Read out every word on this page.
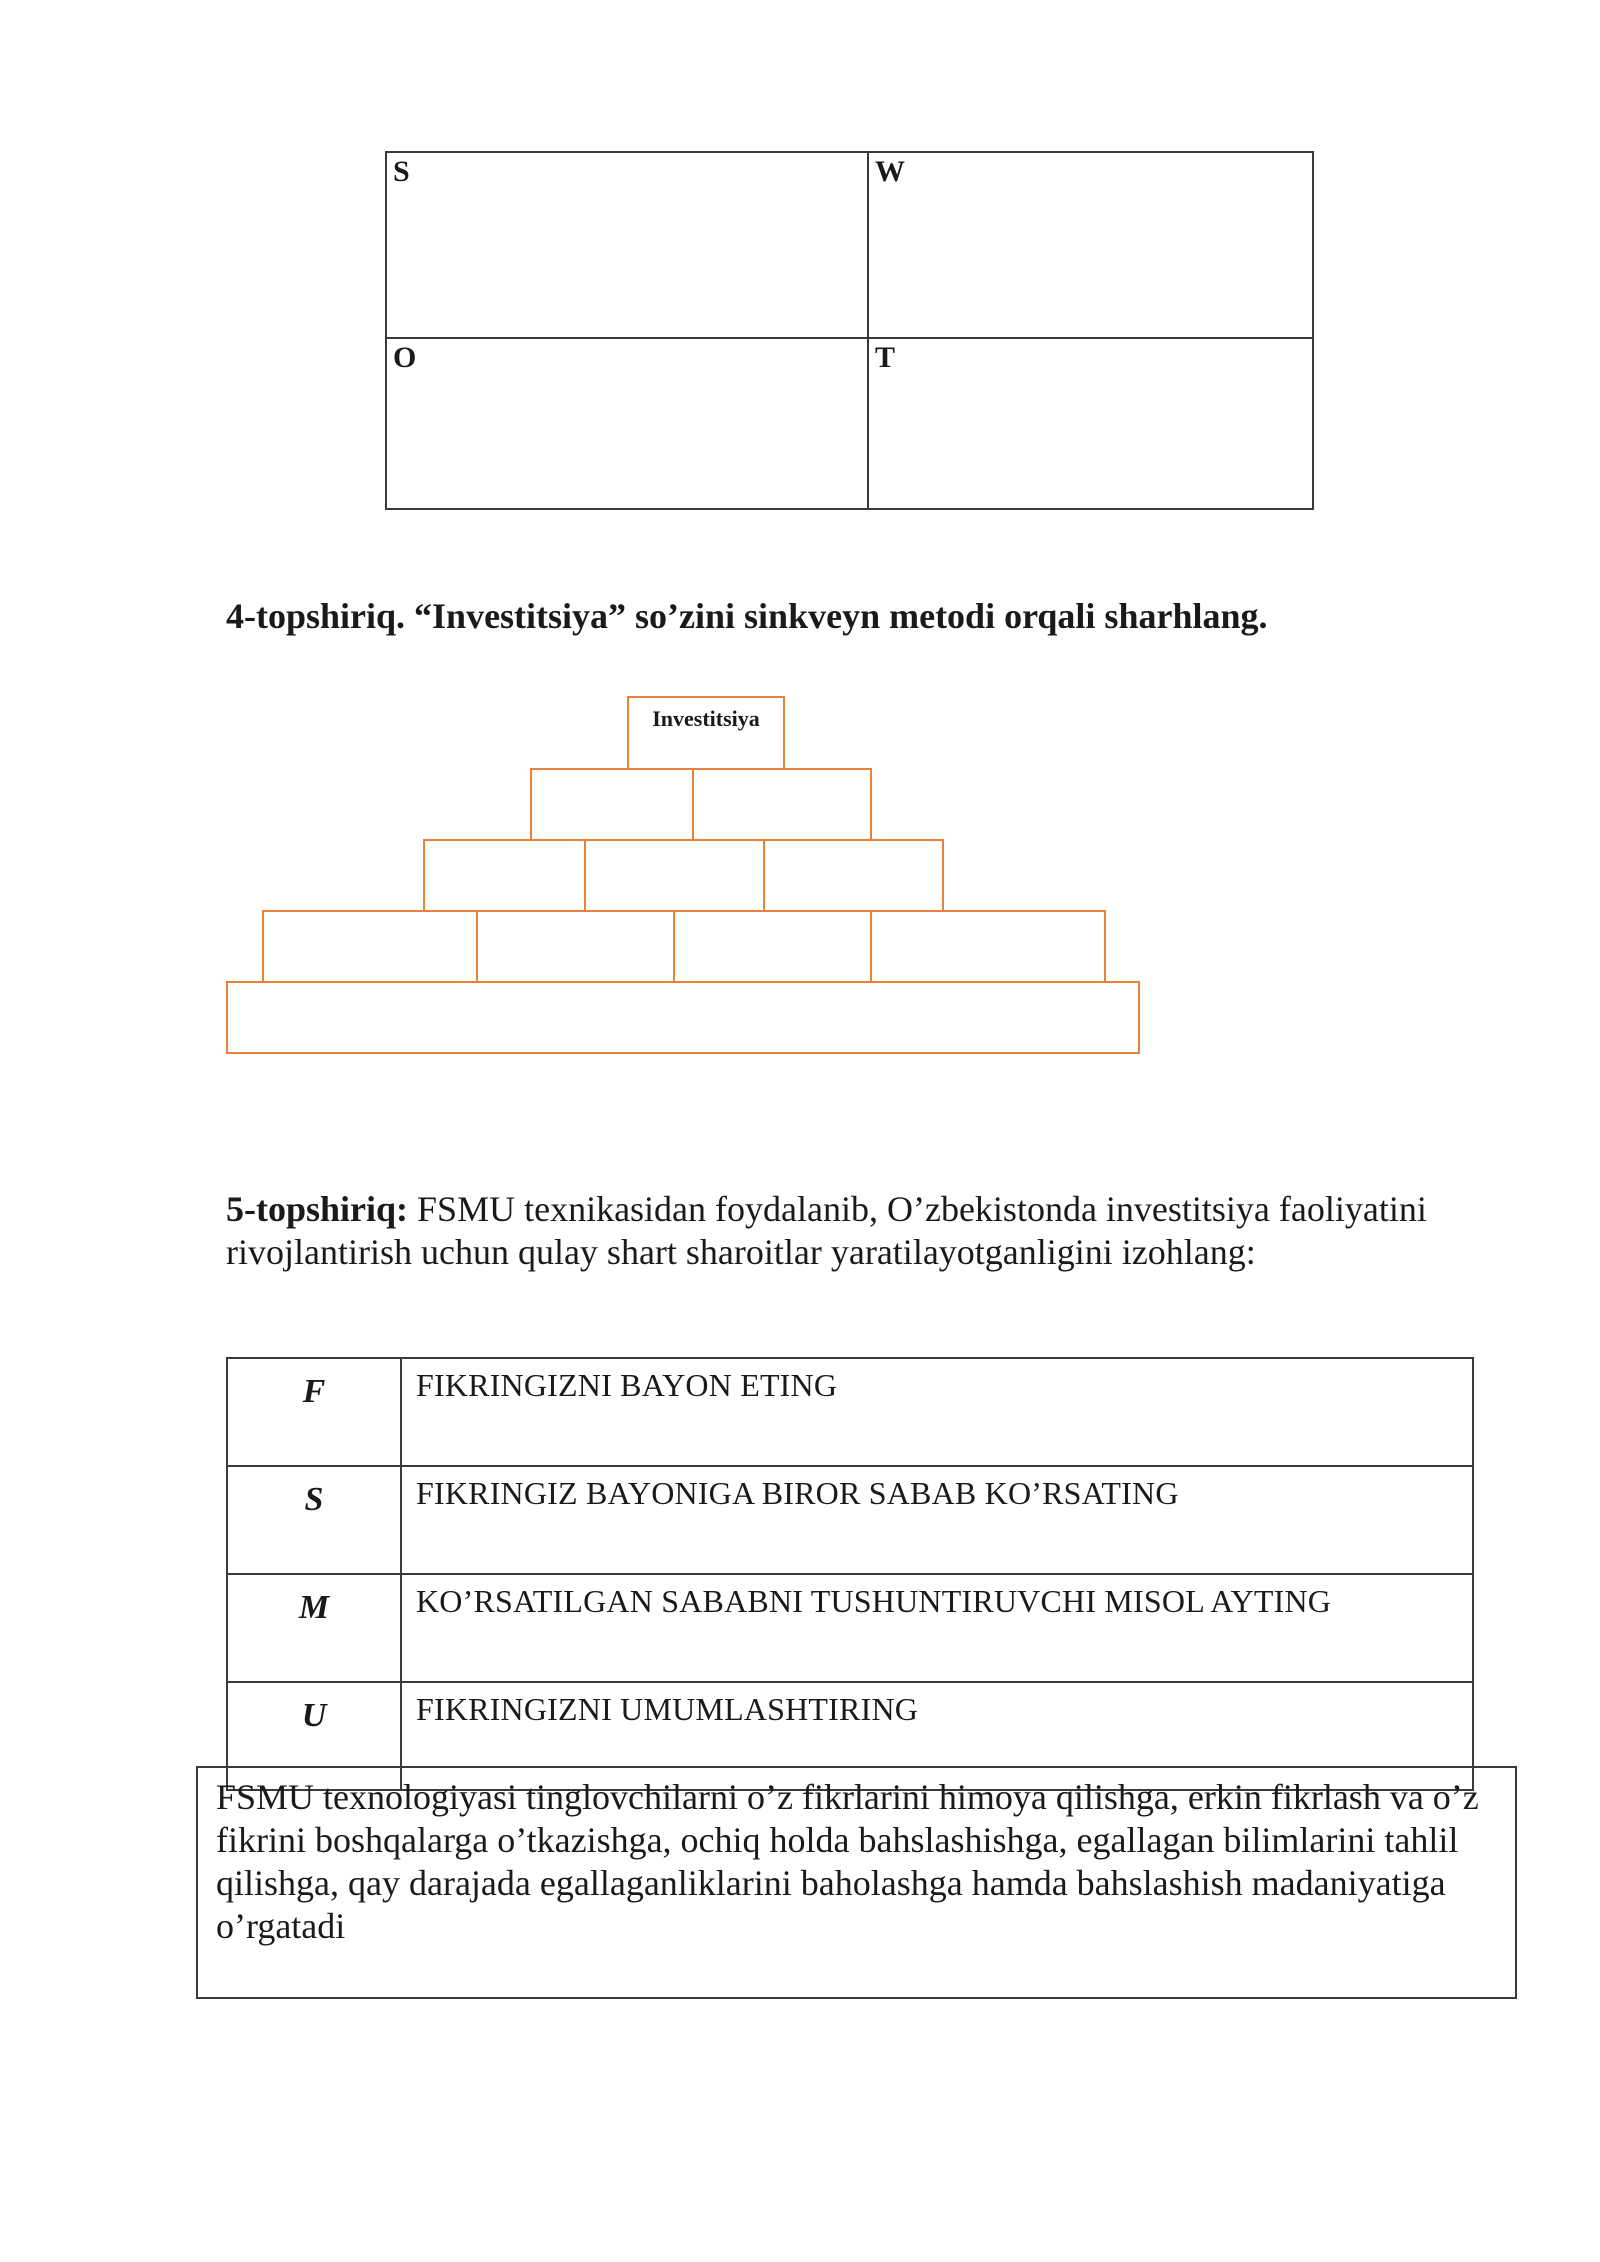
S	W
O	T
4-topshiriq. “Investitsiya” so’zini sinkveyn metodi orqali sharhlang.
Investitsiya
5-topshiriq: FSMU texnikasidan foydalanib, O’zbekistonda investitsiya faoliyatini rivojlantirish uchun qulay shart sharoitlar yaratilayotganligini izohlang:
F	FIKRINGIZNI BAYON ETING
S	FIKRINGIZ BAYONIGA BIROR SABAB KO’RSATING
M	KO’RSATILGAN SABABNI TUSHUNTIRUVCHI MISOL AYTING
U	FIKRINGIZNI UMUMLASHTIRING
FSMU texnologiyasi tinglovchilarni o’z fikrlarini himoya qilishga, erkin fikrlash va o’z fikrini boshqalarga o’tkazishga, ochiq holda bahslashishga, egallagan bilimlarini tahlil qilishga, qay darajada egallaganliklarini baholashga hamda bahslashish madaniyatiga o’rgatadi
